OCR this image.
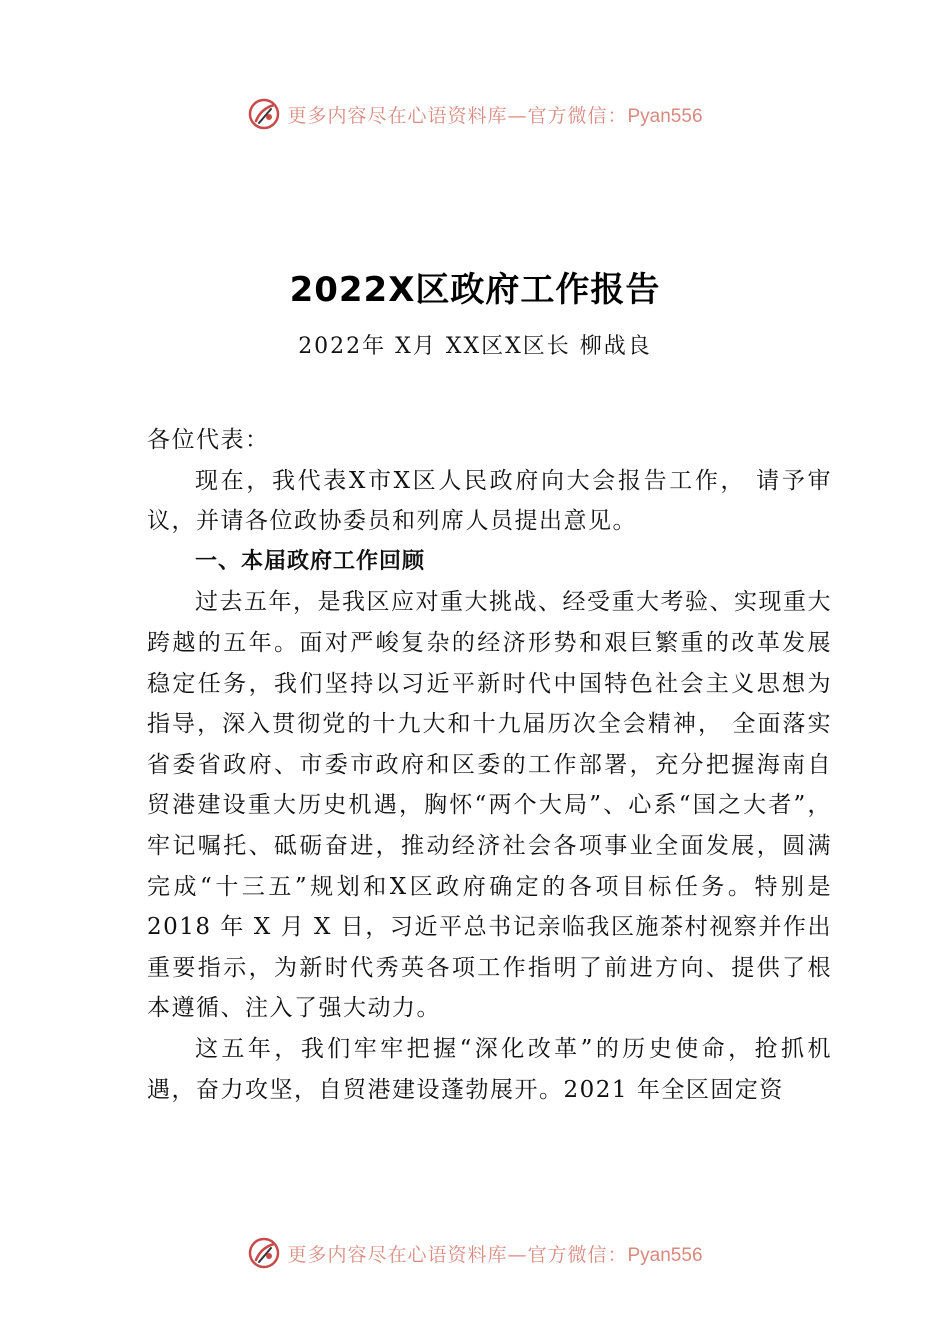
更多内容尽在心语资料库—官方微信：Pyan556
2022X区政府工作报告
2022年 X月 XX区X区长 柳战良

各位代表：

现在，我代表X市X区人民政府向大会报告工作， 请予审议，并请各位政协委员和列席人员提出意见。

一、本届政府工作回顾

过去五年，是我区应对重大挑战、经受重大考验、实现重大跨越的五年。面对严峻复杂的经济形势和艰巨繁重的改革发展稳定任务，我们坚持以习近平新时代中国特色社会主义思想为指导，深入贯彻党的十九大和十九届历次全会精神， 全面落实省委省政府、市委市政府和区委的工作部署，充分把握海南自贸港建设重大历史机遇，胸怀“两个大局”、心系“国之大者”，牢记嘱托、砥砺奋进，推动经济社会各项事业全面发展，圆满完成“十三五”规划和X区政府确定的各项目标任务。特别是 2018 年 X 月 X 日，习近平总书记亲临我区施茶村视察并作出重要指示，为新时代秀英各项工作指明了前进方向、提供了根本遵循、注入了强大动力。

这五年，我们牢牢把握“深化改革”的历史使命，抢抓机遇，奋力攻坚，自贸港建设蓬勃展开。2021 年全区固定资

更多内容尽在心语资料库—官方微信：Pyan556
